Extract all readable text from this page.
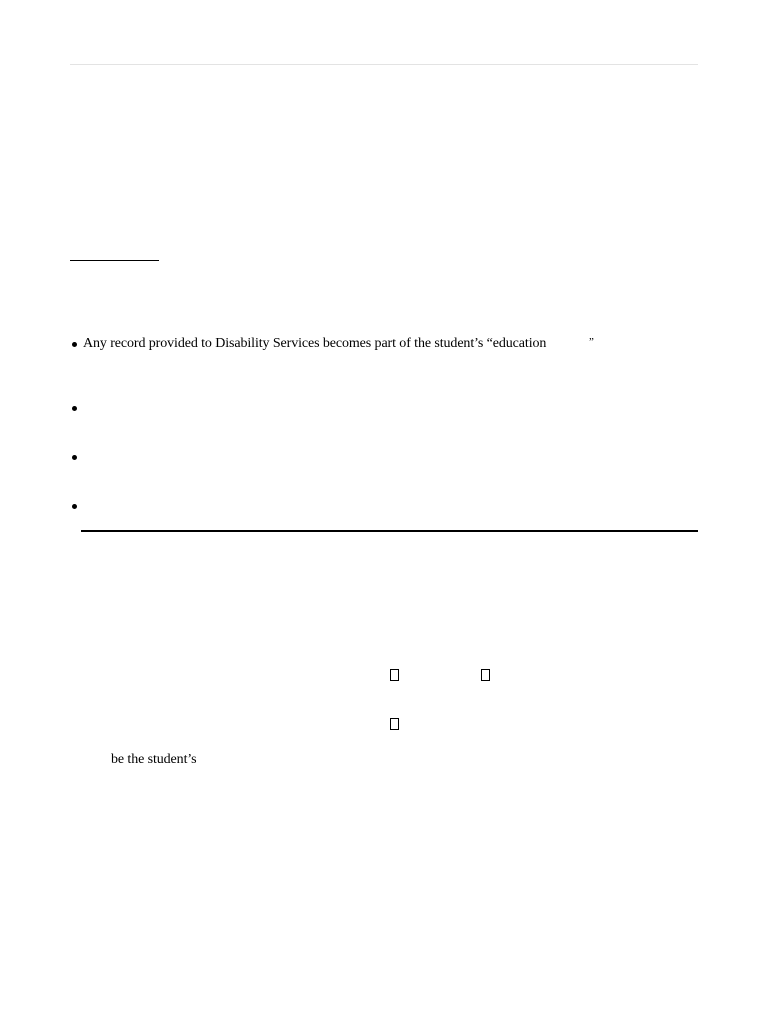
Any record provided to Disability Services becomes part of the student’s “education	”
be the student’s
